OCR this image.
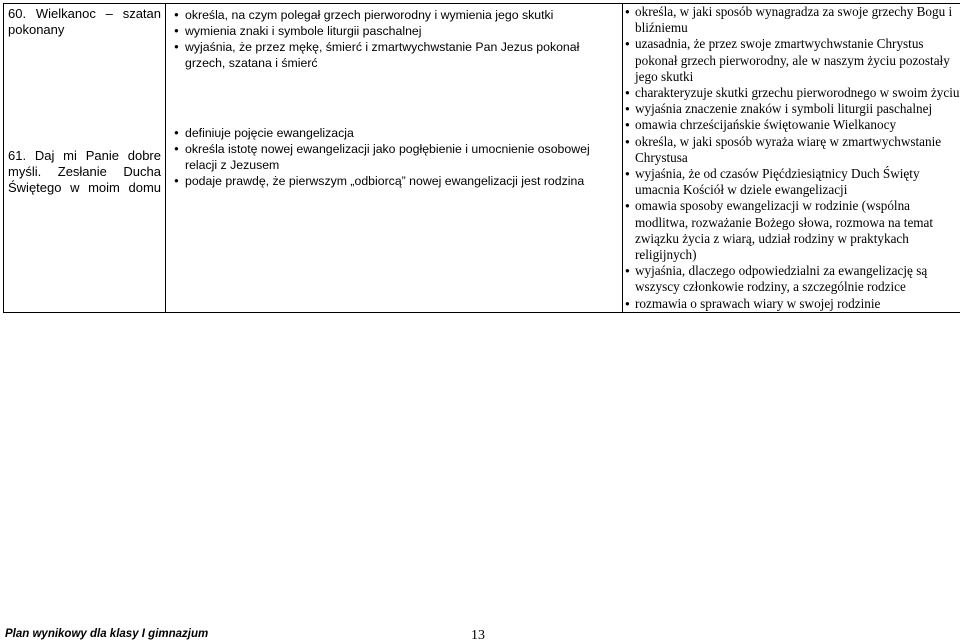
60. Wielkanoc – szatan
pokonany
61. Daj mi Panie dobre
myśli. Zesłanie Ducha
Świętego w moim domu

● określa, na czym polegał grzech pierworodny i wymienia jego skutki
● wymienia znaki i symbole liturgii paschalnej
● wyjaśnia, że przez mękę, śmierć i zmartwychwstanie Pan Jezus pokonał grzech, szatana i śmierć
● definiuje pojęcie ewangelizacja
● określa istotę nowej ewangelizacji jako pogłębienie i umocnienie osobowej relacji z Jezusem
● podaje prawdę, że pierwszym „odbiorcą” nowej ewangelizacji jest rodzina

● określa, w jaki sposób wynagradza za swoje grzechy Bogu i bliźniemu
● uzasadnia, że przez swoje zmartwychwstanie Chrystus pokonał grzech pierworodny, ale w naszym życiu pozostały jego skutki
● charakteryzuje skutki grzechu pierworodnego w swoim życiu
● wyjaśnia znaczenie znaków i symboli liturgii paschalnej
● omawia chrześcijańskie świętowanie Wielkanocy
● określa, w jaki sposób wyraża wiarę w zmartwychwstanie Chrystusa
● wyjaśnia, że od czasów Pięćdziesiątnicy Duch Święty umacnia Kościół w dziele ewangelizacji
● omawia sposoby ewangelizacji w rodzinie (wspólna modlitwa, rozważanie Bożego słowa, rozmowa na temat związku życia z wiarą, udział rodziny w praktykach religijnych)
● wyjaśnia, dlaczego odpowiedzialni za ewangelizację są wszyscy członkowie rodziny, a szczególnie rodzice
● rozmawia o sprawach wiary w swojej rodzinie

Plan wynikowy dla klasy I gimnazjum	13
